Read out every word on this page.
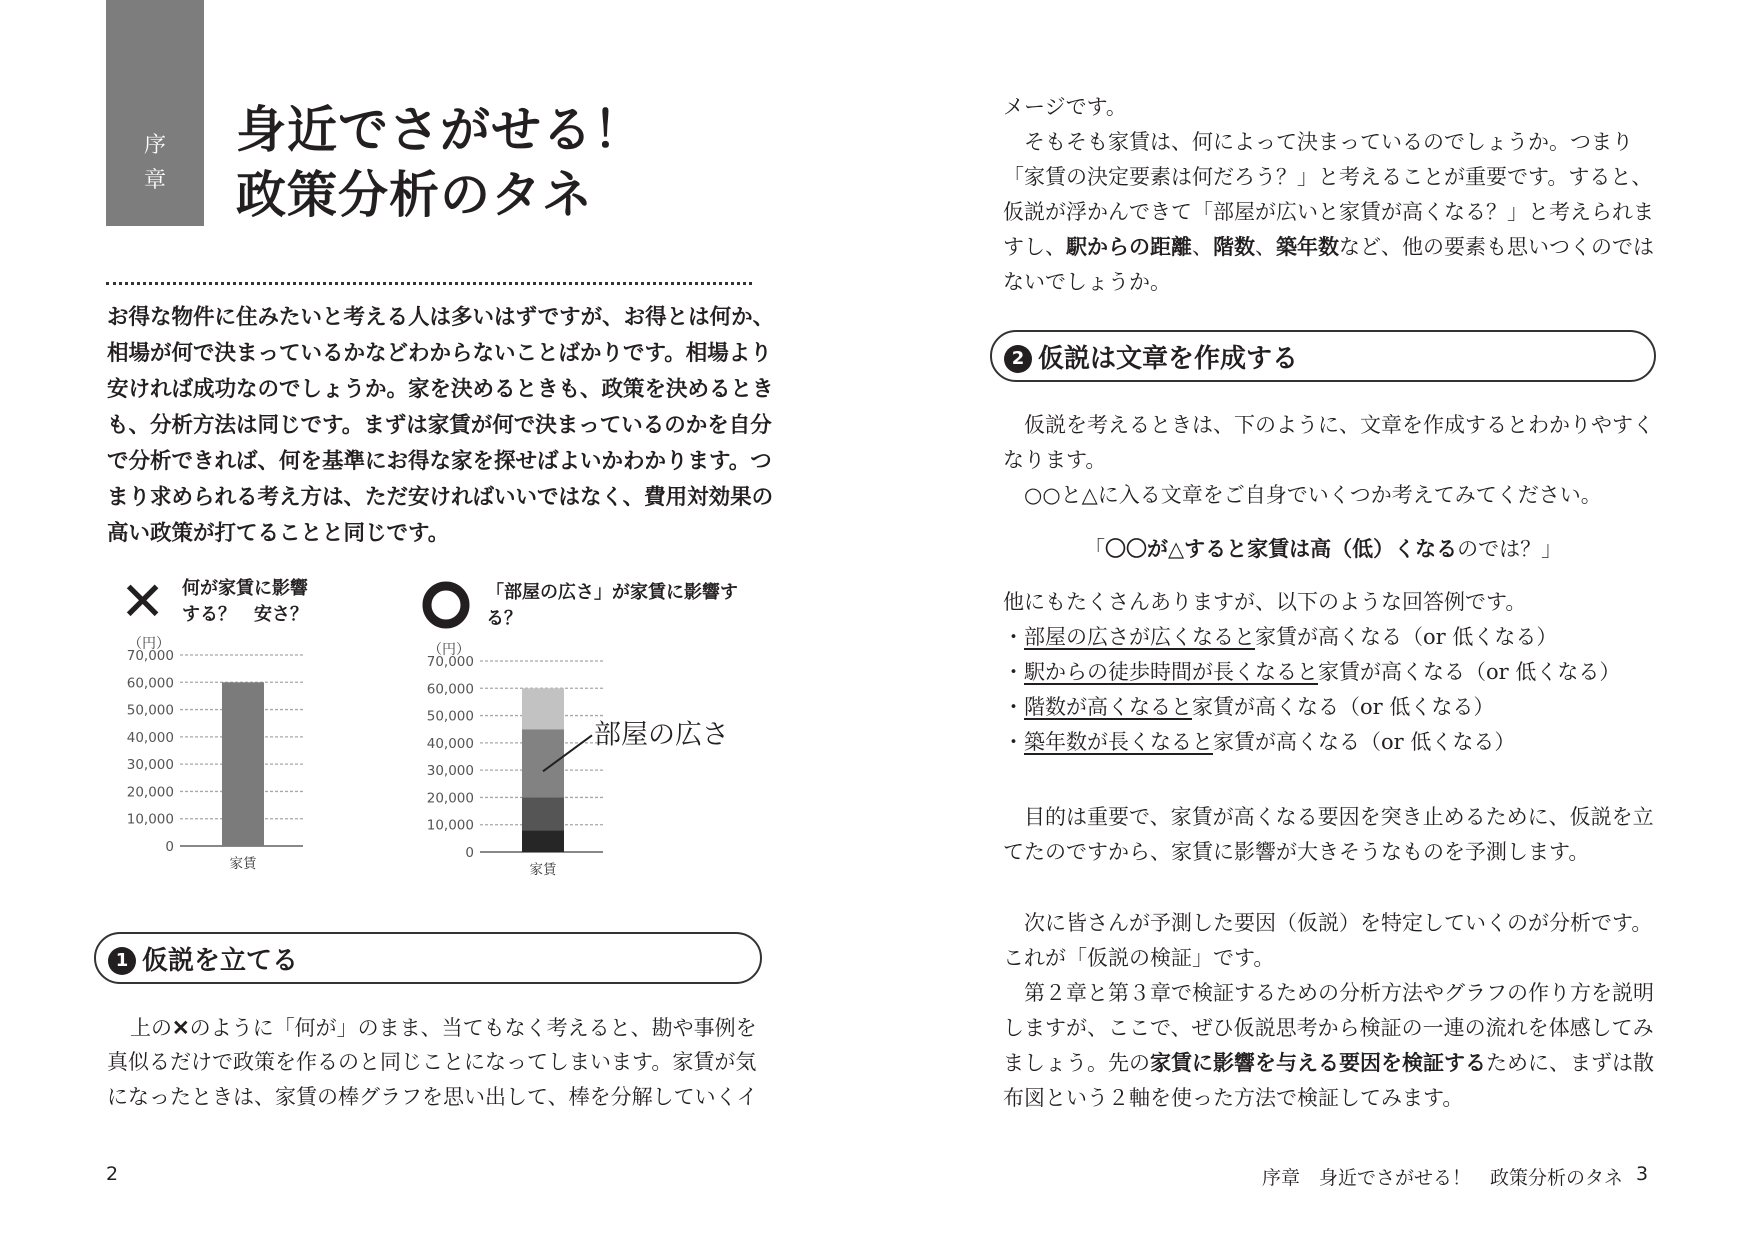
序
章
身近でさがせる！
政策分析のタネ
お得な物件に住みたいと考える人は多いはずですが、お得とは何か、
相場が何で決まっているかなどわからないことばかりです。相場より
安ければ成功なのでしょうか。家を決めるときも、政策を決めるとき
も、分析方法は同じです。まずは家賃が何で決まっているのかを自分
で分析できれば、何を基準にお得な家を探せばよいかわかります。つ
まり求められる考え方は、ただ安ければいいではなく、費用対効果の
高い政策が打てることと同じです。
✕ 何が家賃に影響
する？　安さ？
「部屋の広さ」が家賃に影響す
る？
（円）
70,000
60,000
50,000
40,000
30,000
20,000
10,000
0
家賃
（円）
70,000
60,000
50,000
40,000
30,000
20,000
10,000
0
家賃
部屋の広さ
1 仮説を立てる
上の✕のように「何が」のまま、当てもなく考えると、勘や事例を
真似るだけで政策を作るのと同じことになってしまいます。家賃が気
になったときは、家賃の棒グラフを思い出して、棒を分解していくイ
2
メージです。
そもそも家賃は、何によって決まっているのでしょうか。つまり
「家賃の決定要素は何だろう？」と考えることが重要です。すると、
仮説が浮かんできて「部屋が広いと家賃が高くなる？」と考えられま
すし、駅からの距離、階数、築年数など、他の要素も思いつくのでは
ないでしょうか。
2 仮説は文章を作成する
仮説を考えるときは、下のように、文章を作成するとわかりやすく
なります。
○○と△に入る文章をご自身でいくつか考えてみてください。
「〇〇が△すると家賃は高（低）くなるのでは？」
他にもたくさんありますが、以下のような回答例です。
・部屋の広さが広くなると家賃が高くなる（or 低くなる）
・駅からの徒歩時間が長くなると家賃が高くなる（or 低くなる）
・階数が高くなると家賃が高くなる（or 低くなる）
・築年数が長くなると家賃が高くなる（or 低くなる）
目的は重要で、家賃が高くなる要因を突き止めるために、仮説を立
てたのですから、家賃に影響が大きそうなものを予測します。
次に皆さんが予測した要因（仮説）を特定していくのが分析です。
これが「仮説の検証」です。
第２章と第３章で検証するための分析方法やグラフの作り方を説明
しますが、ここで、ぜひ仮説思考から検証の一連の流れを体感してみ
ましょう。先の家賃に影響を与える要因を検証するために、まずは散
布図という２軸を使った方法で検証してみます。
序章　身近でさがせる！　政策分析のタネ 3
